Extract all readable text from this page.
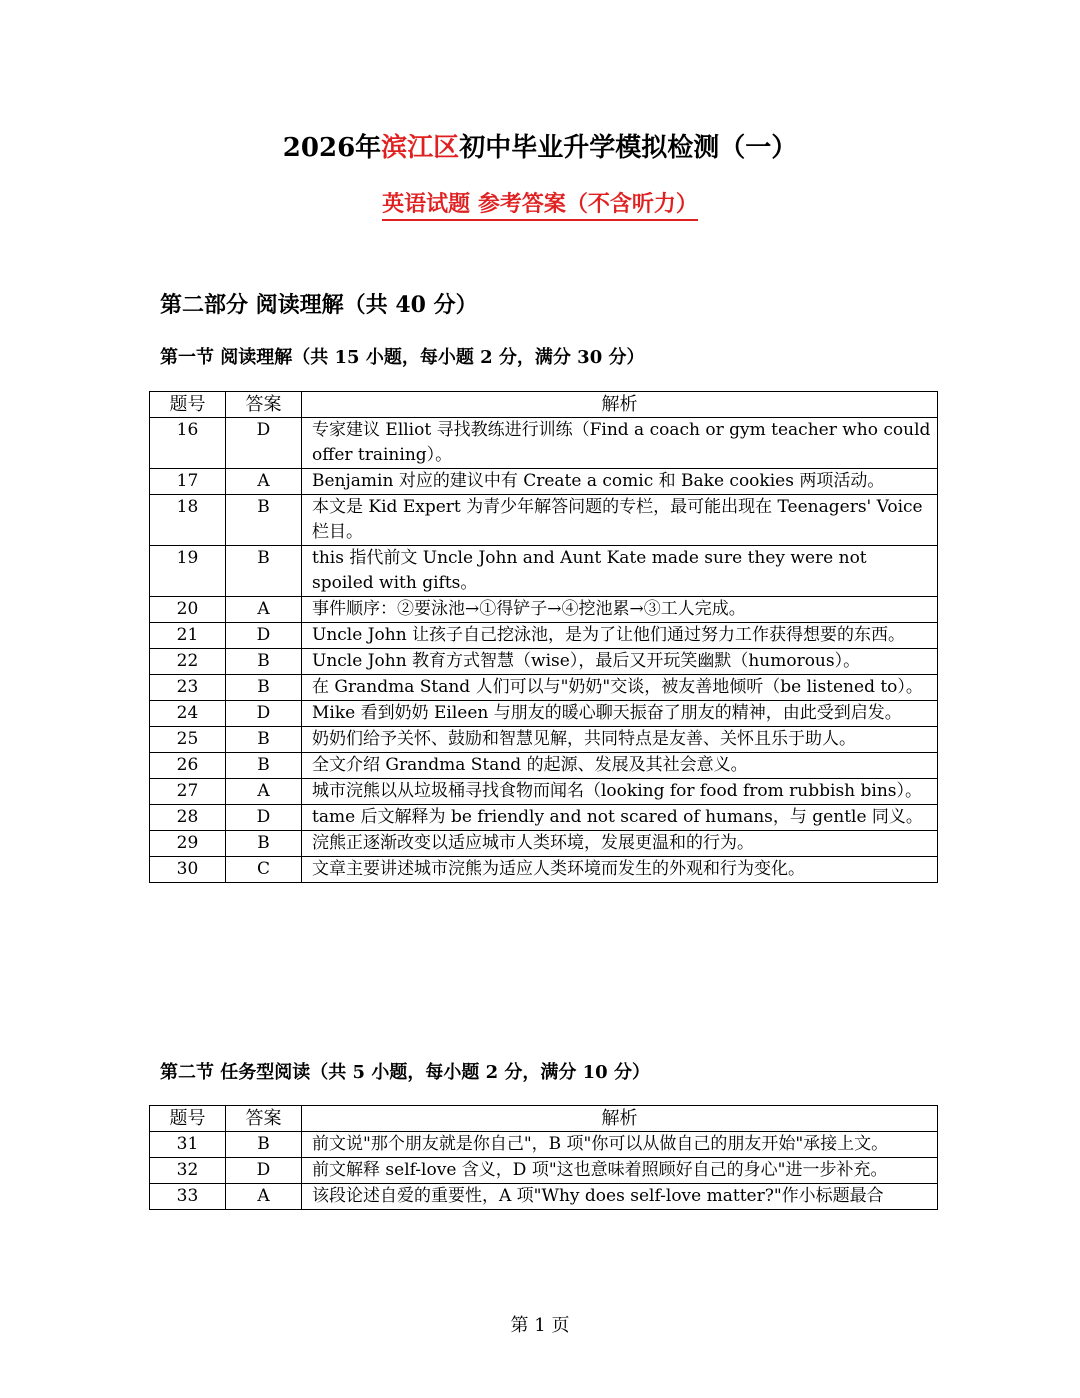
2026年滨江区初中毕业升学模拟检测（一）
英语试题 参考答案（不含听力）
第二部分 阅读理解（共 40 分）
第一节 阅读理解（共 15 小题，每小题 2 分，满分 30 分）
题号	答案	解析
16	D	专家建议 Elliot 寻找教练进行训练（Find a coach or gym teacher who could offer training）。
17	A	Benjamin 对应的建议中有 Create a comic 和 Bake cookies 两项活动。
18	B	本文是 Kid Expert 为青少年解答问题的专栏，最可能出现在 Teenagers' Voice 栏目。
19	B	this 指代前文 Uncle John and Aunt Kate made sure they were not spoiled with gifts。
20	A	事件顺序：②要泳池→①得铲子→④挖池累→③工人完成。
21	D	Uncle John 让孩子自己挖泳池，是为了让他们通过努力工作获得想要的东西。
22	B	Uncle John 教育方式智慧（wise），最后又开玩笑幽默（humorous）。
23	B	在 Grandma Stand 人们可以与"奶奶"交谈，被友善地倾听（be listened to）。
24	D	Mike 看到奶奶 Eileen 与朋友的暖心聊天振奋了朋友的精神，由此受到启发。
25	B	奶奶们给予关怀、鼓励和智慧见解，共同特点是友善、关怀且乐于助人。
26	B	全文介绍 Grandma Stand 的起源、发展及其社会意义。
27	A	城市浣熊以从垃圾桶寻找食物而闻名（looking for food from rubbish bins）。
28	D	tame 后文解释为 be friendly and not scared of humans，与 gentle 同义。
29	B	浣熊正逐渐改变以适应城市人类环境，发展更温和的行为。
30	C	文章主要讲述城市浣熊为适应人类环境而发生的外观和行为变化。
第二节 任务型阅读（共 5 小题，每小题 2 分，满分 10 分）
题号	答案	解析
31	B	前文说"那个朋友就是你自己"，B 项"你可以从做自己的朋友开始"承接上文。
32	D	前文解释 self-love 含义，D 项"这也意味着照顾好自己的身心"进一步补充。
33	A	该段论述自爱的重要性，A 项"Why does self-love matter?"作小标题最合
第 1 页
